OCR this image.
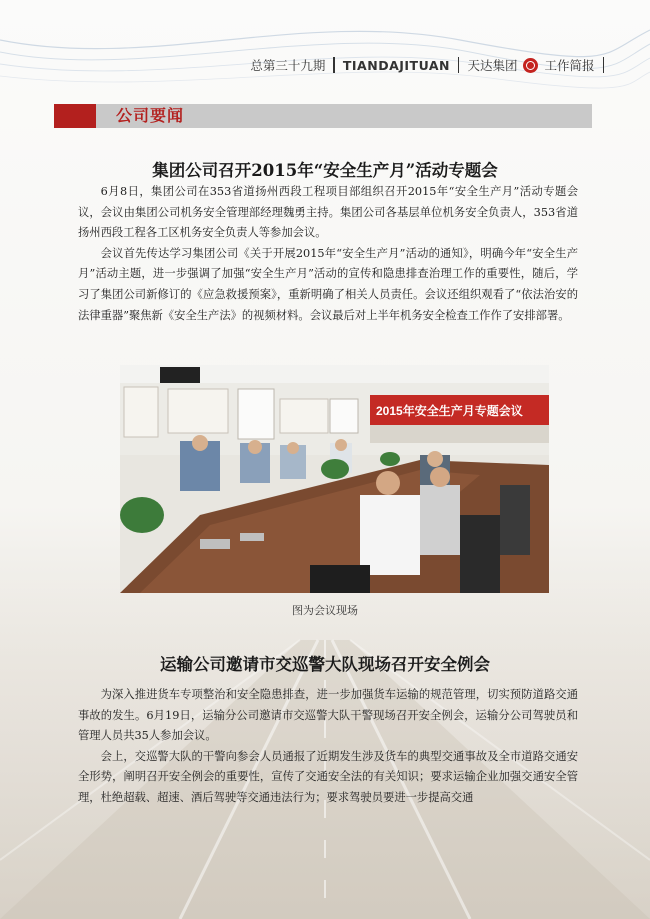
总第三十九期 TIANDAJITUAN 天达集团 工作简报
公司要闻
集团公司召开2015年“安全生产月”活动专题会

6月8日，集团公司在353省道扬州西段工程项目部组织召开2015年“安全生产月”活动专题会议，会议由集团公司机务安全管理部经理魏勇主持。集团公司各基层单位机务安全负责人，353省道扬州西段工程各工区机务安全负责人等参加会议。

会议首先传达学习集团公司《关于开展2015年“安全生产月”活动的通知》，明确今年“安全生产月”活动主题，进一步强调了加强“安全生产月”活动的宣传和隐患排查治理工作的重要性，随后，学习了集团公司新修订的《应急救援预案》，重新明确了相关人员责任。会议还组织观看了“依法治安的法律重器”聚焦新《安全生产法》的视频材料。会议最后对上半年机务安全检查工作作了安排部署。

2015年安全生产月专题会议
图为会议现场
运输公司邀请市交巡警大队现场召开安全例会

为深入推进货车专项整治和安全隐患排查，进一步加强货车运输的规范管理，切实预防道路交通事故的发生。6月19日，运输分公司邀请市交巡警大队干警现场召开安全例会，运输分公司驾驶员和管理人员共35人参加会议。

会上，交巡警大队的干警向参会人员通报了近期发生涉及货车的典型交通事故及全市道路交通安全形势，阐明召开安全例会的重要性，宣传了交通安全法的有关知识；要求运输企业加强交通安全管理，杜绝超载、超速、酒后驾驶等交通违法行为；要求驾驶员要进一步提高交通
